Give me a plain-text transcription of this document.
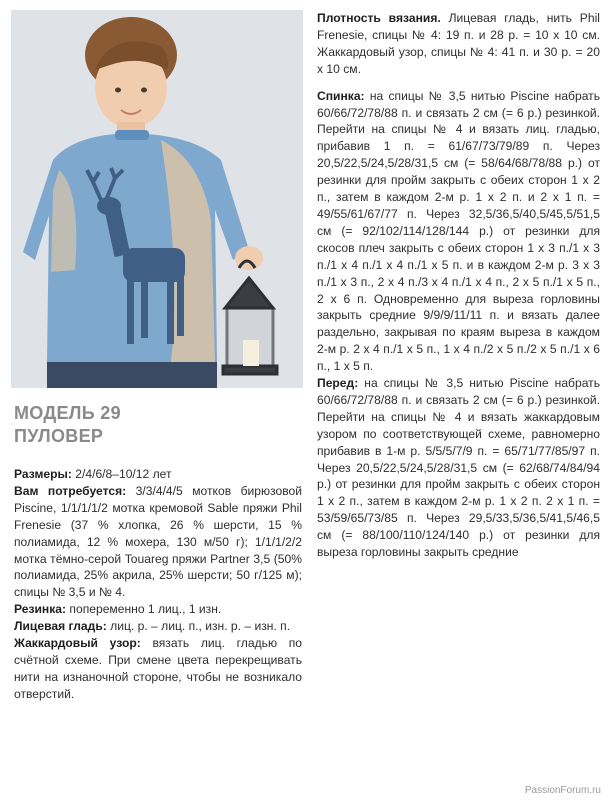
МОДЕЛЬ 29
ПУЛОВЕР

Размеры: 2/4/6/8–10/12 лет

Вам потребуется: 3/3/4/4/5 мотков бирюзовой Piscine, 1/1/1/1/2 мотка кремовой Sable пряжи Phil Frenesie (37 % хлопка, 26 % шерсти, 15 % полиамида, 12 % мохера, 130 м/50 г); 1/1/1/2/2 мотка тёмно-серой Touareg пряжи Partner 3,5 (50% полиамида, 25% акрила, 25% шерсти; 50 г/125 м); спицы № 3,5 и № 4.

Резинка: попеременно 1 лиц., 1 изн.

Лицевая гладь: лиц. р. – лиц. п., изн. р. – изн. п.

Жаккардовый узор: вязать лиц. гладью по счётной схеме. При смене цвета перекрещивать нити на изнаночной стороне, чтобы не возникало отверстий.

Плотность вязания. Лицевая гладь, нить Phil Frenesie, спицы № 4: 19 п. и 28 р. = 10 х 10 см. Жаккардовый узор, спицы № 4: 41 п. и 30 р. = 20 х 10 см.

Спинка: на спицы № 3,5 нитью Piscine набрать 60/66/72/78/88 п. и связать 2 см (= 6 р.) резинкой. Перейти на спицы № 4 и вязать лиц. гладью, прибавив 1 п. = 61/67/73/79/89 п. Через 20,5/22,5/24,5/28/31,5 см (= 58/64/68/78/88 р.) от резинки для пройм закрыть с обеих сторон 1 х 2 п., затем в каждом 2-м р. 1 х 2 п. и 2 х 1 п. = 49/55/61/67/77 п. Через 32,5/36,5/40,5/45,5/51,5 см (= 92/102/114/128/144 р.) от резинки для скосов плеч закрыть с обеих сторон 1 х 3 п./1 х 3 п./1 х 4 п./1 х 4 п./1 х 5 п. и в каждом 2-м р. 3 х 3 п./1 х 3 п., 2 х 4 п./3 х 4 п./1 х 4 п., 2 х 5 п./1 х 5 п., 2 х 6 п. Одновременно для выреза горловины закрыть средние 9/9/9/11/11 п. и вязать далее раздельно, закрывая по краям выреза в каждом 2-м р. 2 х 4 п./1 х 5 п., 1 х 4 п./2 х 5 п./2 х 5 п./1 х 6 п., 1 х 5 п.

Перед: на спицы № 3,5 нитью Piscine набрать 60/66/72/78/88 п. и связать 2 см (= 6 р.) резинкой. Перейти на спицы № 4 и вязать жаккардовым узором по соответствующей схеме, равномерно прибавив в 1-м р. 5/5/5/7/9 п. = 65/71/77/85/97 п. Через 20,5/22,5/24,5/28/31,5 см (= 62/68/74/84/94 р.) от резинки для пройм закрыть с обеих сторон 1 х 2 п., затем в каждом 2-м р. 1 х 2 п. 2 х 1 п. = 53/59/65/73/85 п. Через 29,5/33,5/36,5/41,5/46,5 см (= 88/100/110/124/140 р.) от резинки для выреза горловины закрыть средние

PassionForum.ru
